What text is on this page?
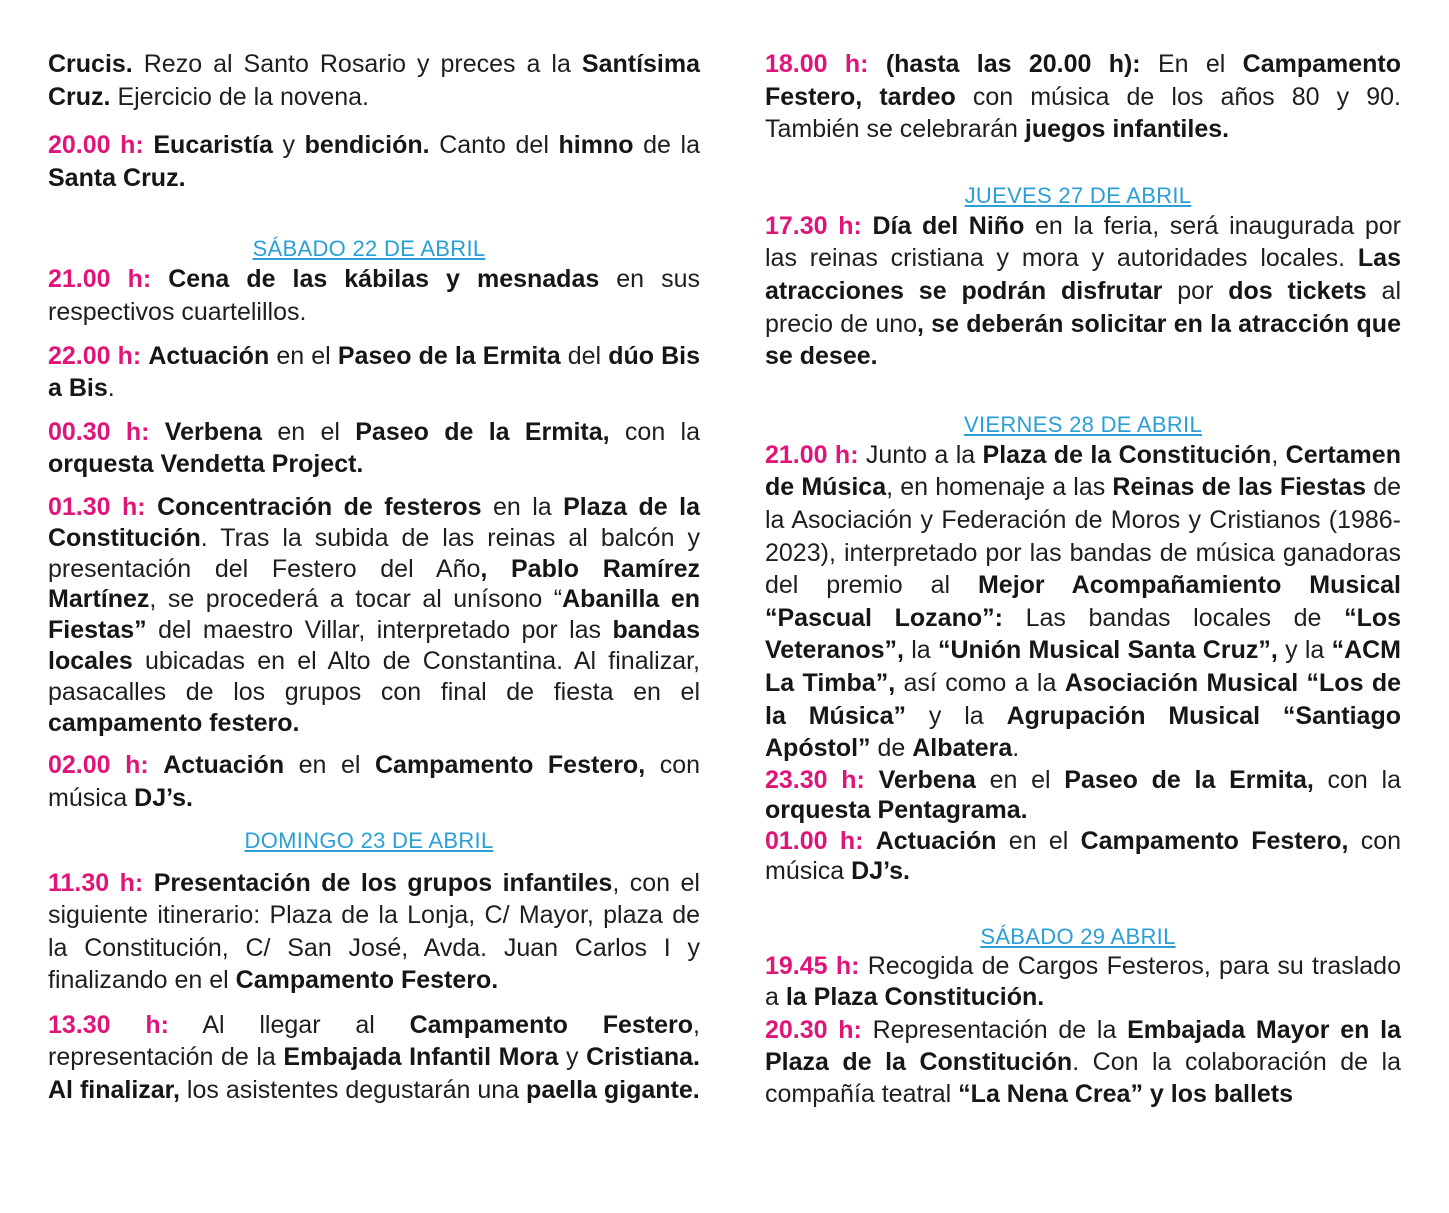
Crucis. Rezo al Santo Rosario y preces a la Santísima Cruz. Ejercicio de la novena.

20.00 h: Eucaristía y bendición. Canto del himno de la Santa Cruz.

SÁBADO 22 DE ABRIL

21.00 h: Cena de las kábilas y mesnadas en sus respectivos cuartelillos.

22.00 h: Actuación en el Paseo de la Ermita del dúo Bis a Bis.

00.30 h: Verbena en el Paseo de la Ermita, con la orquesta Vendetta Project.

01.30 h: Concentración de festeros en la Plaza de la Constitución. Tras la subida de las reinas al balcón y presentación del Festero del Año, Pablo Ramírez Martínez, se procederá a tocar al unísono “Abanilla en Fiestas” del maestro Villar, interpretado por las bandas locales ubicadas en el Alto de Constantina. Al finalizar, pasacalles de los grupos con final de fiesta en el campamento festero.

02.00 h: Actuación en el Campamento Festero, con música DJ’s.

DOMINGO 23 DE ABRIL

11.30 h: Presentación de los grupos infantiles, con el siguiente itinerario: Plaza de la Lonja, C/ Mayor, plaza de la Constitución, C/ San José, Avda. Juan Carlos I y finalizando en el Campamento Festero.

13.30 h: Al llegar al Campamento Festero, representación de la Embajada Infantil Mora y Cristiana. Al finalizar, los asistentes degustarán una paella gigante.

18.00 h: (hasta las 20.00 h): En el Campamento Festero, tardeo con música de los años 80 y 90. También se celebrarán juegos infantiles.

JUEVES 27 DE ABRIL

17.30 h: Día del Niño en la feria, será inaugurada por las reinas cristiana y mora y autoridades locales. Las atracciones se podrán disfrutar por dos tickets al precio de uno, se deberán solicitar en la atracción que se desee.

VIERNES 28 DE ABRIL

21.00 h: Junto a la Plaza de la Constitución, Certamen de Música, en homenaje a las Reinas de las Fiestas de la Asociación y Federación de Moros y Cristianos (1986-2023), interpretado por las bandas de música ganadoras del premio al Mejor Acompañamiento Musical “Pascual Lozano”: Las bandas locales de “Los Veteranos”, la “Unión Musical Santa Cruz”, y la “ACM La Timba”, así como a la Asociación Musical “Los de la Música” y la Agrupación Musical “Santiago Apóstol” de Albatera.

23.30 h: Verbena en el Paseo de la Ermita, con la orquesta Pentagrama.

01.00 h: Actuación en el Campamento Festero, con música DJ’s.

SÁBADO 29 ABRIL

19.45 h: Recogida de Cargos Festeros, para su traslado a la Plaza Constitución.

20.30 h: Representación de la Embajada Mayor en la Plaza de la Constitución. Con la colaboración de la compañía teatral “La Nena Crea” y los ballets
